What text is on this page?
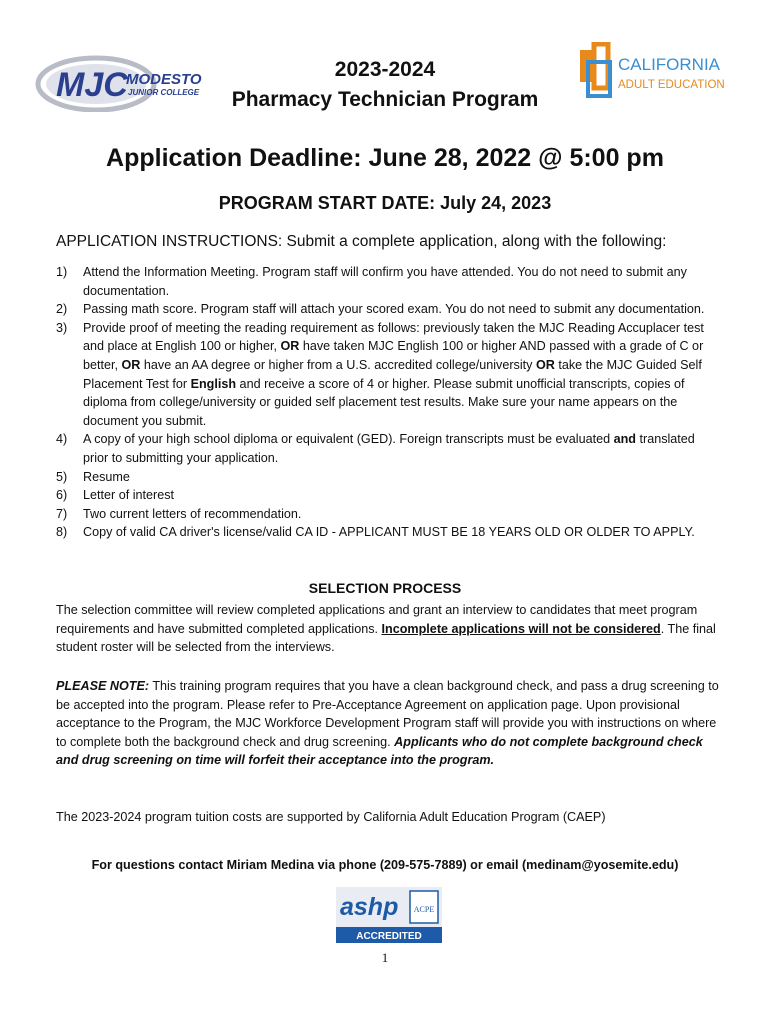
MJC
MODESTO
JUNIOR COLLEGE
2023-2024
Pharmacy Technician Program
CALIFORNIA
ADULT EDUCATION
Application Deadline: June 28, 2022 @ 5:00 pm
PROGRAM START DATE: July 24, 2023
APPLICATION INSTRUCTIONS: Submit a complete application, along with the following:
1) Attend the Information Meeting. Program staff will confirm you have attended. You do not need to submit any documentation.
2) Passing math score. Program staff will attach your scored exam. You do not need to submit any documentation.
3) Provide proof of meeting the reading requirement as follows: previously taken the MJC Reading Accuplacer test and place at English 100 or higher, OR have taken MJC English 100 or higher AND passed with a grade of C or better, OR have an AA degree or higher from a U.S. accredited college/university OR take the MJC Guided Self Placement Test for English and receive a score of 4 or higher. Please submit unofficial transcripts, copies of diploma from college/university or guided self placement test results. Make sure your name appears on the document you submit.
4) A copy of your high school diploma or equivalent (GED). Foreign transcripts must be evaluated and translated prior to submitting your application.
5) Resume
6) Letter of interest
7) Two current letters of recommendation.
8) Copy of valid CA driver's license/valid CA ID - APPLICANT MUST BE 18 YEARS OLD OR OLDER TO APPLY.
SELECTION PROCESS
The selection committee will review completed applications and grant an interview to candidates that meet program requirements and have submitted completed applications. Incomplete applications will not be considered. The final student roster will be selected from the interviews.
PLEASE NOTE: This training program requires that you have a clean background check, and pass a drug screening to be accepted into the program. Please refer to Pre-Acceptance Agreement on application page. Upon provisional acceptance to the Program, the MJC Workforce Development Program staff will provide you with instructions on where to complete both the background check and drug screening. Applicants who do not complete background check and drug screening on time will forfeit their acceptance into the program.
The 2023-2024 program tuition costs are supported by California Adult Education Program (CAEP)
For questions contact Miriam Medina via phone (209-575-7889) or email (medinam@yosemite.edu)
ashp ACPE
ACCREDITED
1
